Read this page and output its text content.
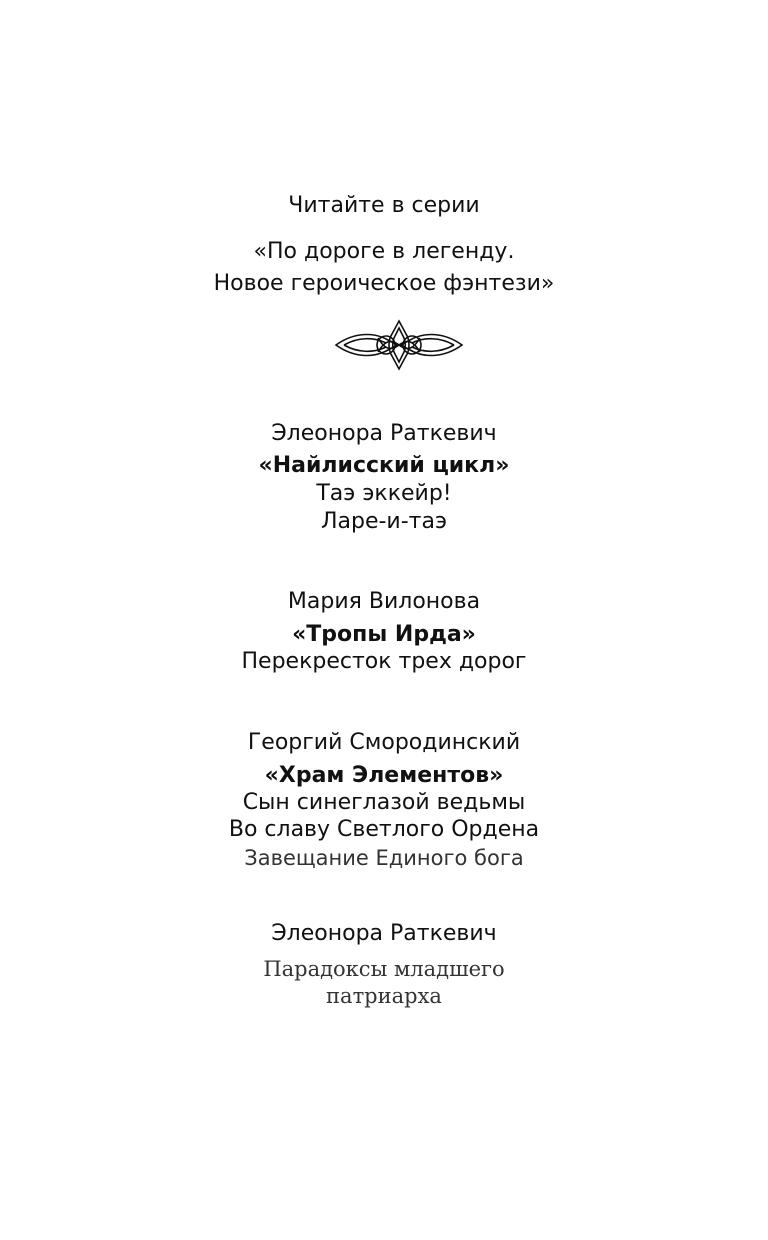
Читайте в серии

«По дороге в легенду.

Новое героическое фэнтези»

Элеонора Раткевич

«Найлисский цикл»

Таэ эккейр!

Ларе-и-таэ

Мария Вилонова

«Тропы Ирда»

Перекресток трех дорог

Георгий Смородинский

«Храм Элементов»

Сын синеглазой ведьмы

Во славу Светлого Ордена

Завещание Единого бога

Элеонора Раткевич

Парадоксы младшего

патриарха
